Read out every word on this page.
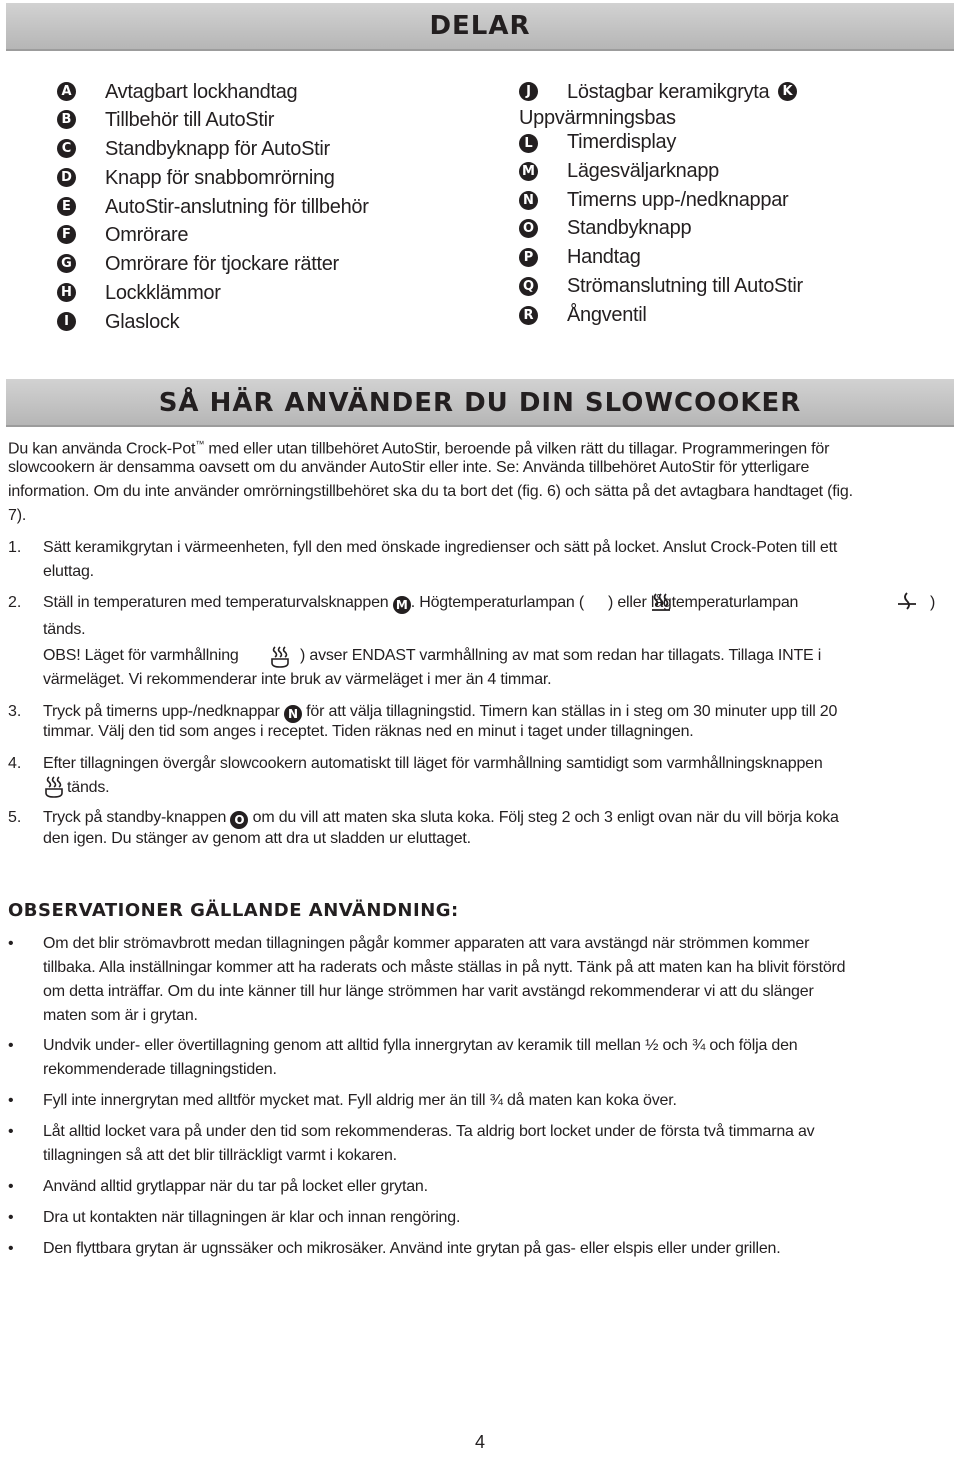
DELAR
A Avtagbart lockhandtag
B Tillbehör till AutoStir
C Standbyknapp för AutoStir
D Knapp för snabbomrörning
E AutoStir-anslutning för tillbehör
F Omrörare
G Omrörare för tjockare rätter
H Lockklämmor
I	Glaslock
J	Löstagbar keramikgryta	K
Uppvärmningsbas
L Timerdisplay
M Lägesväljarknapp
N Timerns upp-/nedknappar
O Standbyknapp
P Handtag
Q Strömanslutning till AutoStir
R Ångventil
SÅ HÄR ANVÄNDER DU DIN SLOWCOOKER
Du kan använda Crock-Pot™ med eller utan tillbehöret AutoStir, beroende på vilken rätt du tillagar. Programmeringen för
slowcookern är densamma oavsett om du använder AutoStir eller inte. Se: Använda tillbehöret AutoStir för ytterligare
information. Om du inte använder omrörningstillbehöret ska du ta bort det (fig. 6) och sätta på det avtagbara handtaget (fig.
7).
1. Sätt keramikgrytan i värmeenheten, fyll den med önskade ingredienser och sätt på locket. Anslut Crock-Poten till ett
eluttag.
2. Ställ in temperaturen med temperaturvalsknappen M . Högtemperaturlampan ( ) eller lågtemperaturlampan	)
tänds.
OBS! Läget för varmhållning	) avser ENDAST varmhållning av mat som redan har tillagats. Tillaga INTE i
värmeläget. Vi rekommenderar inte bruk av värmeläget i mer än 4 timmar.
3. Tryck på timerns upp-/nedknappar N för att välja tillagningstid. Timern kan ställas in i steg om 30 minuter upp till 20
timmar. Välj den tid som anges i receptet. Tiden räknas ned en minut i taget under tillagningen.
4. Efter tillagningen övergår slowcookern automatiskt till läget för varmhållning samtidigt som varmhållningsknappen
tänds.
5. Tryck på standby-knappen O om du vill att maten ska sluta koka. Följ steg 2 och 3 enligt ovan när du vill börja koka
den igen. Du stänger av genom att dra ut sladden ur eluttaget.
OBSERVATIONER GÄLLANDE ANVÄNDNING:
• Om det blir strömavbrott medan tillagningen pågår kommer apparaten att vara avstängd när strömmen kommer
tillbaka. Alla inställningar kommer att ha raderats och måste ställas in på nytt. Tänk på att maten kan ha blivit förstörd
om detta inträffar. Om du inte känner till hur länge strömmen har varit avstängd rekommenderar vi att du slänger
maten som är i grytan.
• Undvik under- eller övertillagning genom att alltid fylla innergrytan av keramik till mellan ½ och ¾ och följa den
rekommenderade tillagningstiden.
• Fyll inte innergrytan med alltför mycket mat. Fyll aldrig mer än till ¾ då maten kan koka över.
• Låt alltid locket vara på under den tid som rekommenderas. Ta aldrig bort locket under de första två timmarna av
tillagningen så att det blir tillräckligt varmt i kokaren.
• Använd alltid grytlappar när du tar på locket eller grytan.
• Dra ut kontakten när tillagningen är klar och innan rengöring.
• Den flyttbara grytan är ugnssäker och mikrosäker. Använd inte grytan på gas- eller elspis eller under grillen.
4
